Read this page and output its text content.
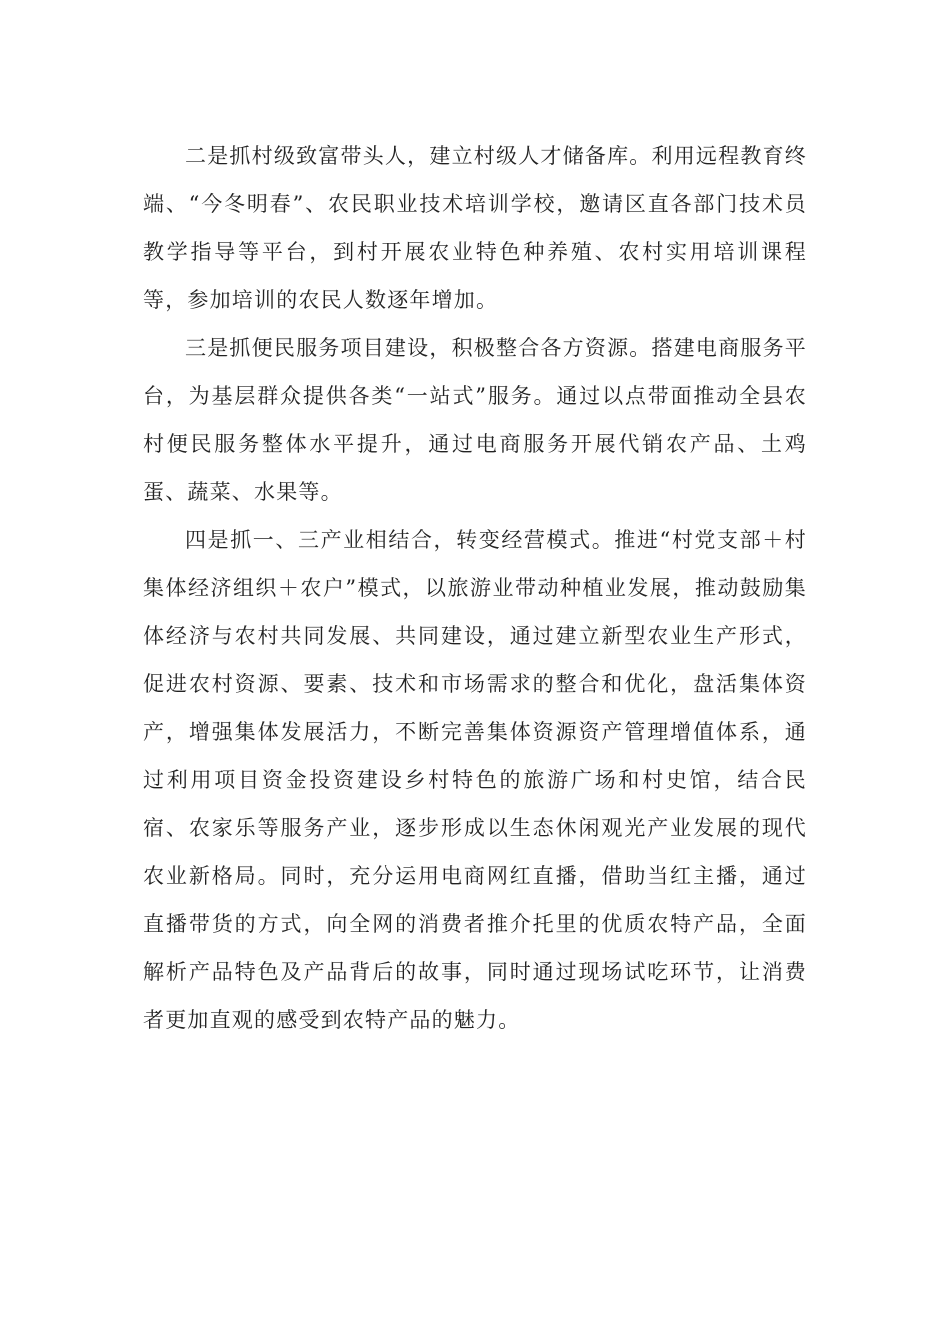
二是抓村级致富带头人，建立村级人才储备库。利用远程教育终端、“今冬明春”、农民职业技术培训学校，邀请区直各部门技术员教学指导等平台，到村开展农业特色种养殖、农村实用培训课程等，参加培训的农民人数逐年增加。

三是抓便民服务项目建设，积极整合各方资源。搭建电商服务平台，为基层群众提供各类“一站式”服务。通过以点带面推动全县农村便民服务整体水平提升，通过电商服务开展代销农产品、土鸡蛋、蔬菜、水果等。

四是抓一、三产业相结合，转变经营模式。推进“村党支部＋村集体经济组织＋农户”模式，以旅游业带动种植业发展，推动鼓励集体经济与农村共同发展、共同建设，通过建立新型农业生产形式，促进农村资源、要素、技术和市场需求的整合和优化，盘活集体资产，增强集体发展活力，不断完善集体资源资产管理增值体系，通过利用项目资金投资建设乡村特色的旅游广场和村史馆，结合民宿、农家乐等服务产业，逐步形成以生态休闲观光产业发展的现代农业新格局。同时，充分运用电商网红直播，借助当红主播，通过直播带货的方式，向全网的消费者推介托里的优质农特产品，全面解析产品特色及产品背后的故事，同时通过现场试吃环节，让消费者更加直观的感受到农特产品的魅力。
